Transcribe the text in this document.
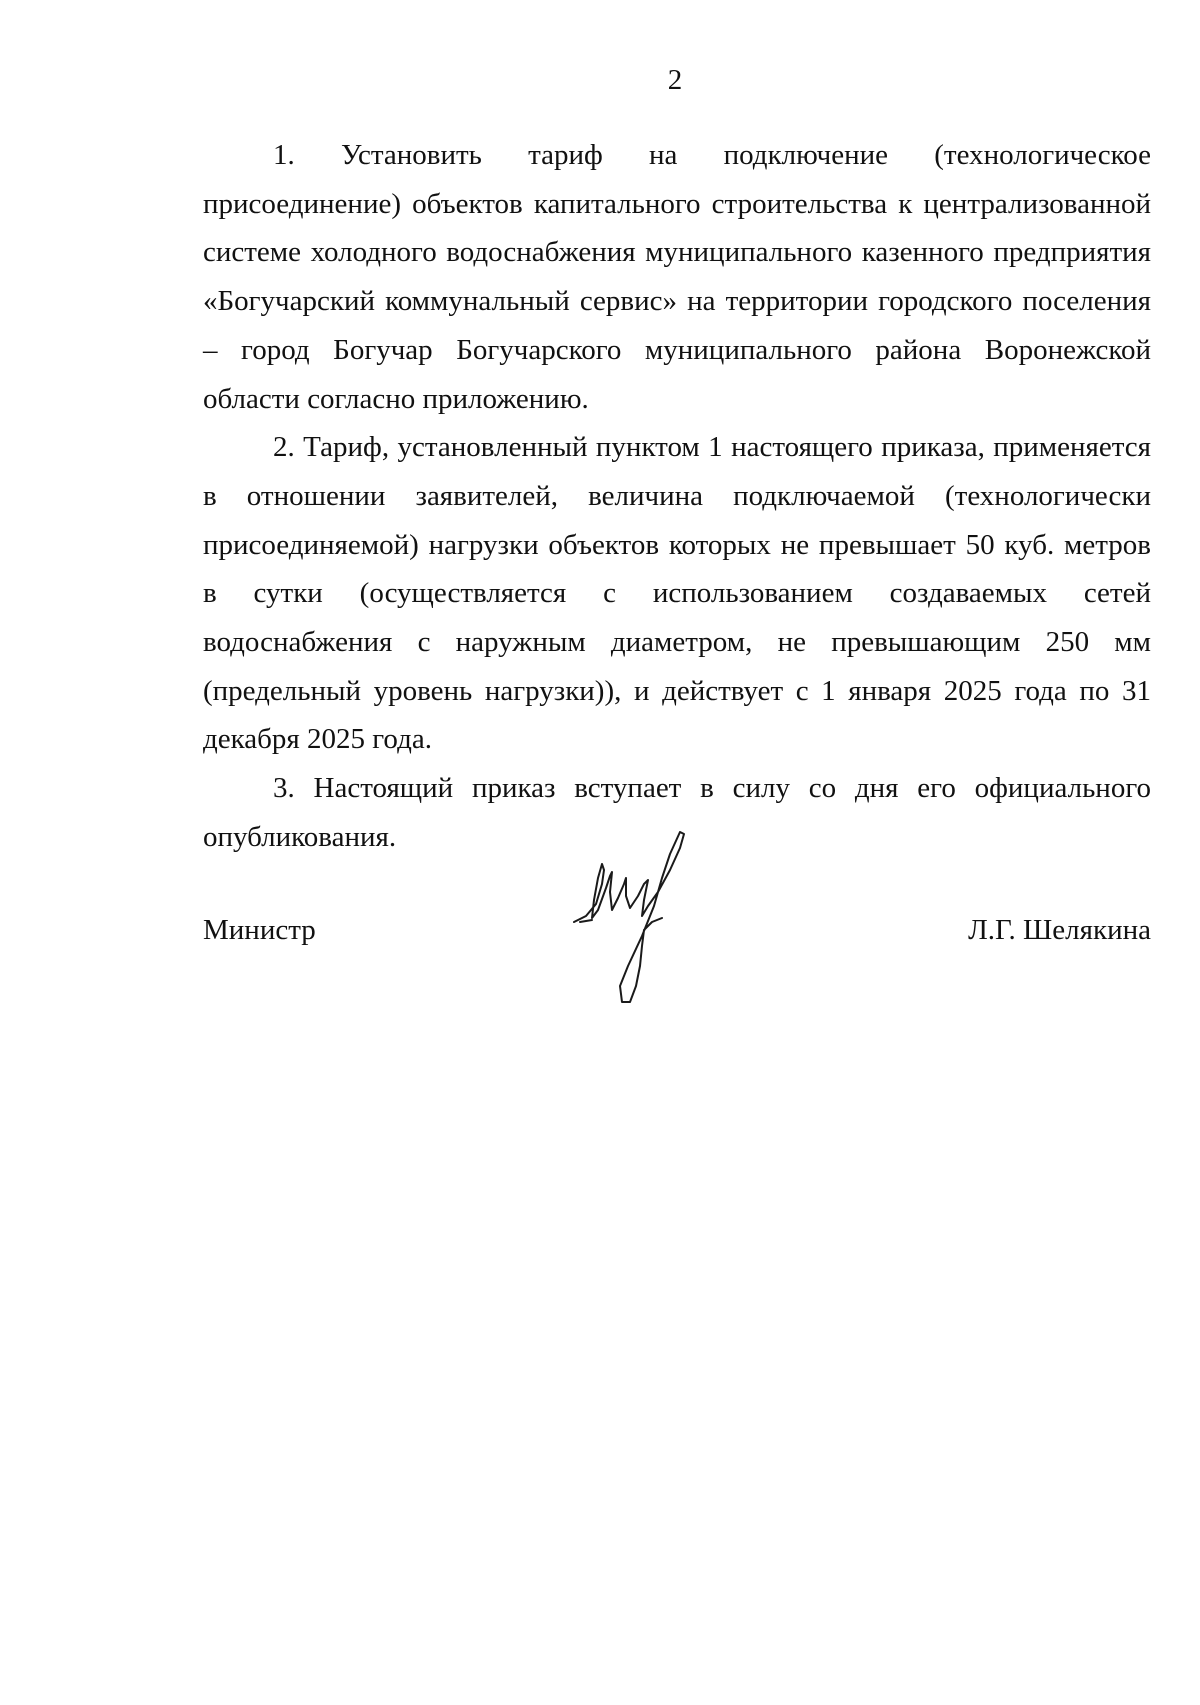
2

1. Установить тариф на подключение (технологическое присоединение) объектов капитального строительства к централизованной системе холодного водоснабжения муниципального казенного предприятия «Богучарский коммунальный сервис» на территории городского поселения – город Богучар Богучарского муниципального района Воронежской области согласно приложению.

2. Тариф, установленный пунктом 1 настоящего приказа, применяется в отношении заявителей, величина подключаемой (технологически присоединяемой) нагрузки объектов которых не превышает 50 куб. метров в сутки (осуществляется с использованием создаваемых сетей водоснабжения с наружным диаметром, не превышающим 250 мм (предельный уровень нагрузки)), и действует с 1 января 2025 года по 31 декабря 2025 года.

3. Настоящий приказ вступает в силу со дня его официального опубликования.

Министр	Л.Г. Шелякина
